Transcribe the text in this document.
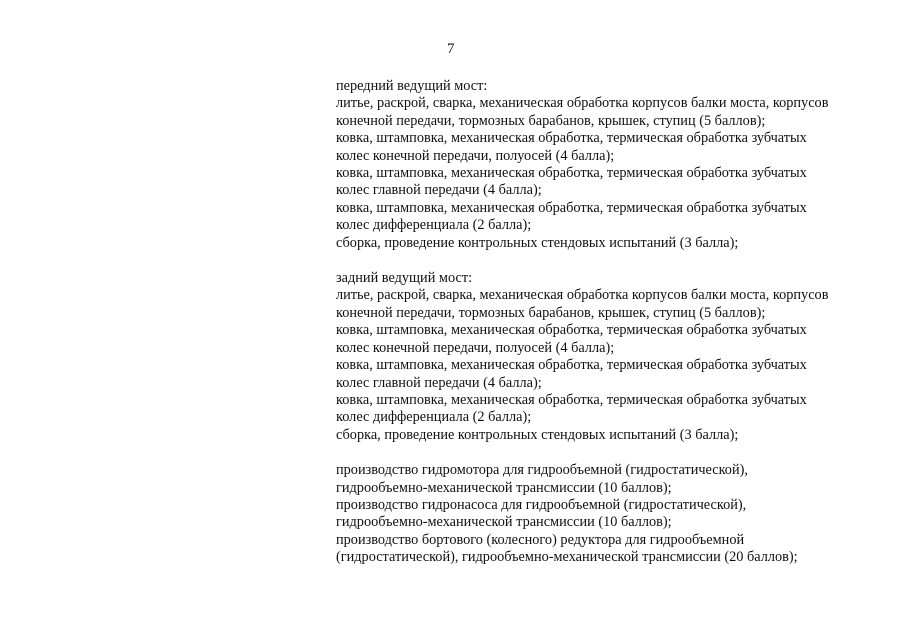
7
передний ведущий мост:
литье, раскрой, сварка, механическая обработка корпусов балки моста, корпусов
конечной передачи, тормозных барабанов, крышек, ступиц (5 баллов);
ковка, штамповка, механическая обработка, термическая обработка зубчатых
колес конечной передачи, полуосей (4 балла);
ковка, штамповка, механическая обработка, термическая обработка зубчатых
колес главной передачи (4 балла);
ковка, штамповка, механическая обработка, термическая обработка зубчатых
колес дифференциала (2 балла);
сборка, проведение контрольных стендовых испытаний (3 балла);
задний ведущий мост:
литье, раскрой, сварка, механическая обработка корпусов балки моста, корпусов
конечной передачи, тормозных барабанов, крышек, ступиц (5 баллов);
ковка, штамповка, механическая обработка, термическая обработка зубчатых
колес конечной передачи, полуосей (4 балла);
ковка, штамповка, механическая обработка, термическая обработка зубчатых
колес главной передачи (4 балла);
ковка, штамповка, механическая обработка, термическая обработка зубчатых
колес дифференциала (2 балла);
сборка, проведение контрольных стендовых испытаний (3 балла);
производство гидромотора для гидрообъемной (гидростатической),
гидрообъемно-механической трансмиссии (10 баллов);
производство гидронасоса для гидрообъемной (гидростатической),
гидрообъемно-механической трансмиссии (10 баллов);
производство бортового (колесного) редуктора для гидрообъемной
(гидростатической), гидрообъемно-механической трансмиссии (20 баллов);
